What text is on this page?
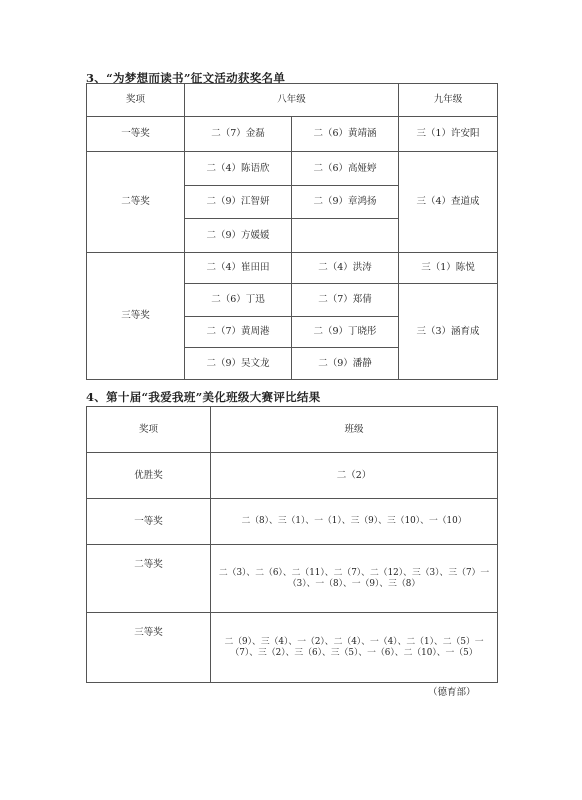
3、“为梦想而读书”征文活动获奖名单
奖项	八年级		九年级
一等奖	二（7）金磊	二（6）黄靖涵	三（1）许安阳
二等奖	二（4）陈语欣	二（6）高娅婷	三（4）查道成
	二（9）江智妍	二（9）章鸿扬	
	二（9）方媛媛		
三等奖	二（4）崔田田	二（4）洪涛	三（1）陈悦
	二（6）丁迅	二（7）郑倩	三（3）涵育成
	二（7）黄周港	二（9）丁晓彤	
	二（9）吴文龙	二（9）潘静	
4、第十届“我爱我班”美化班级大赛评比结果
奖项	班级
优胜奖	二（2）
一等奖	二（8）、三（1）、一（1）、三（9）、三（10）、一（10）
二等奖	二（3）、二（6）、二（11）、二（7）、二（12）、三（3）、三（7）一（3）、一（8）、一（9）、三（8）
三等奖	二（9）、三（4）、一（2）、二（4）、一（4）、二（1）、二（5）一（7）、三（2）、三（6）、三（5）、一（6）、二（10）、一（5）
（德育部）
